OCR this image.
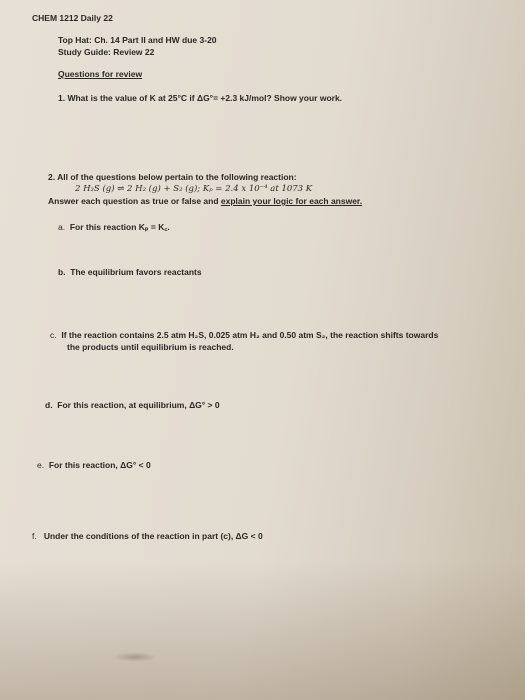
CHEM 1212 Daily 22
Top Hat: Ch. 14 Part II and HW due 3-20
Study Guide: Review 22
Questions for review
1. What is the value of K at 25°C if ΔG°= +2.3 kJ/mol? Show your work.
2. All of the questions below pertain to the following reaction:
2 H₂S (g) ⇌ 2 H₂ (g) + S₂ (g); Kₚ = 2.4 x 10⁻⁴ at 1073 K
Answer each question as true or false and explain your logic for each answer.
a. For this reaction Kₚ = K꜀.
b. The equilibrium favors reactants
c. If the reaction contains 2.5 atm H₂S, 0.025 atm H₂ and 0.50 atm S₂, the reaction shifts towards
the products until equilibrium is reached.
d. For this reaction, at equilibrium, ΔG° > 0
e. For this reaction, ΔG° < 0
f. Under the conditions of the reaction in part (c), ΔG < 0
